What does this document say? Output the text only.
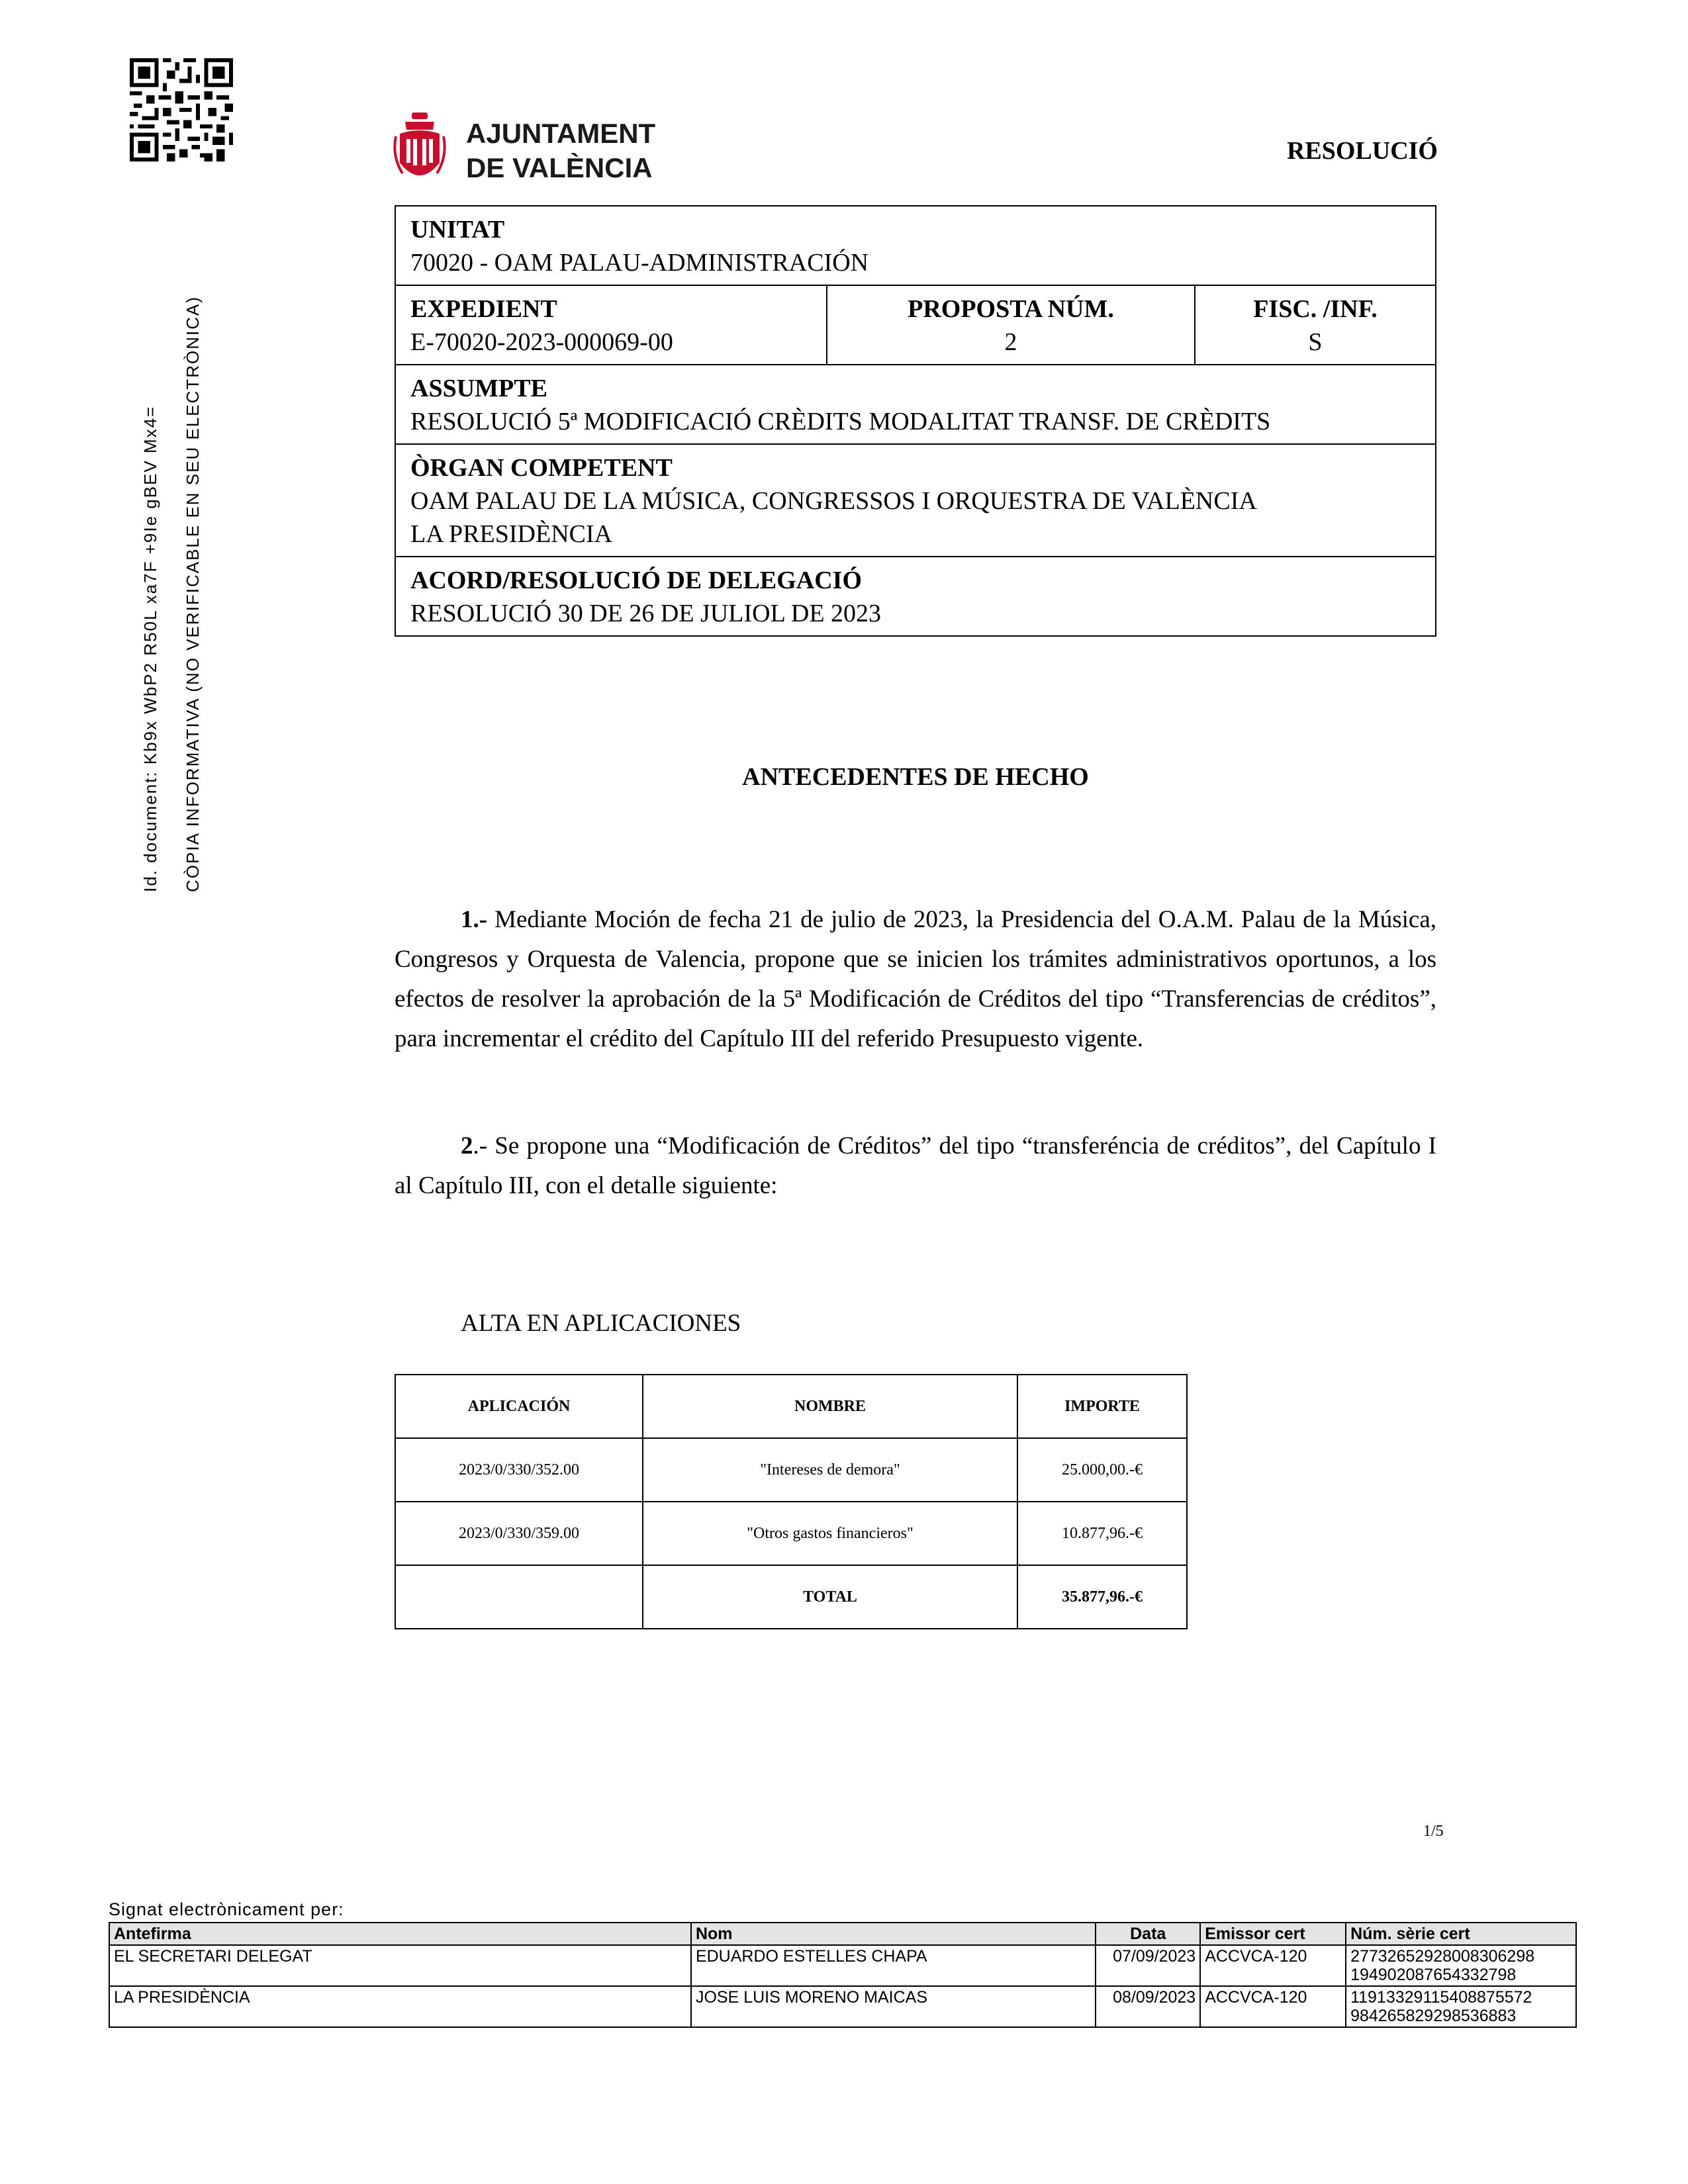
AJUNTAMENT
DE VALÈNCIA
RESOLUCIÓ
Id. document: Kb9x WbP2 R50L xa7F +9Ie gBEV Mx4= CÒPIA INFORMATIVA (NO VERIFICABLE EN SEU ELECTRÒNICA)
UNITAT
70020 - OAM PALAU-ADMINISTRACIÓN
EXPEDIENT
E-70020-2023-000069-00
PROPOSTA NÚM.
2
FISC. /INF.
S
ASSUMPTE
RESOLUCIÓ 5ª MODIFICACIÓ CRÈDITS MODALITAT TRANSF. DE CRÈDITS
ÒRGAN COMPETENT
OAM PALAU DE LA MÚSICA, CONGRESSOS I ORQUESTRA DE VALÈNCIA
LA PRESIDÈNCIA
ACORD/RESOLUCIÓ DE DELEGACIÓ
RESOLUCIÓ 30 DE 26 DE JULIOL DE 2023
ANTECEDENTES DE HECHO
1.- Mediante Moción de fecha 21 de julio de 2023, la Presidencia del O.A.M. Palau de la Música, Congresos y Orquesta de Valencia, propone que se inicien los trámites administrativos oportunos, a los efectos de resolver la aprobación de la 5ª Modificación de Créditos del tipo “Transferencias de créditos”, para incrementar el crédito del Capítulo III del referido Presupuesto vigente.
2.- Se propone una “Modificación de Créditos” del tipo “transferéncia de créditos”, del Capítulo I al Capítulo III, con el detalle siguiente:
ALTA EN APLICACIONES
APLICACIÓN	NOMBRE	IMPORTE
2023/0/330/352.00	"Intereses de demora"	25.000,00.-€
2023/0/330/359.00	"Otros gastos financieros"	10.877,96.-€
	TOTAL	35.877,96.-€
1/5
Signat electrònicament per:
Antefirma	Nom	Data	Emissor cert	Núm. sèrie cert
EL SECRETARI DELEGAT	EDUARDO ESTELLES CHAPA	07/09/2023	ACCVCA-120	27732652928008306298
194902087654332798

LA PRESIDÈNCIA	JOSE LUIS MORENO MAICAS	08/09/2023	ACCVCA-120	11913329115408875572
984265829298536883
